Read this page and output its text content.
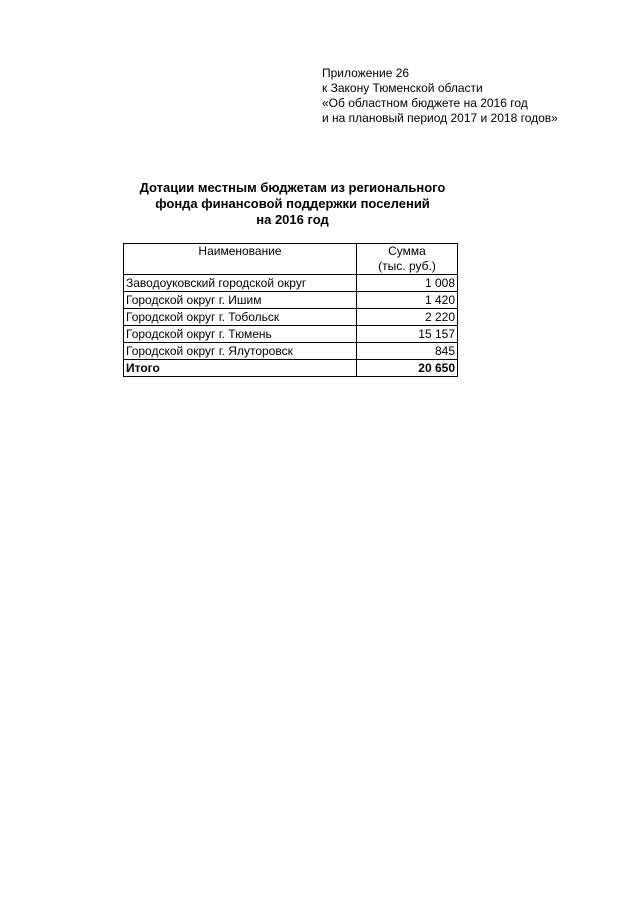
Приложение 26
к Закону Тюменской области
«Об областном бюджете на 2016 год
и на плановый период 2017 и 2018 годов»
Дотации местным бюджетам из регионального
фонда финансовой поддержки поселений
на 2016 год
Наименование	Сумма
(тыс. руб.)

Заводоуковский городской округ	1 008
Городской округ г. Ишим	1 420
Городской округ г. Тобольск	2 220
Городской округ г. Тюмень	15 157
Городской округ г. Ялуторовск	845
Итого	20 650
